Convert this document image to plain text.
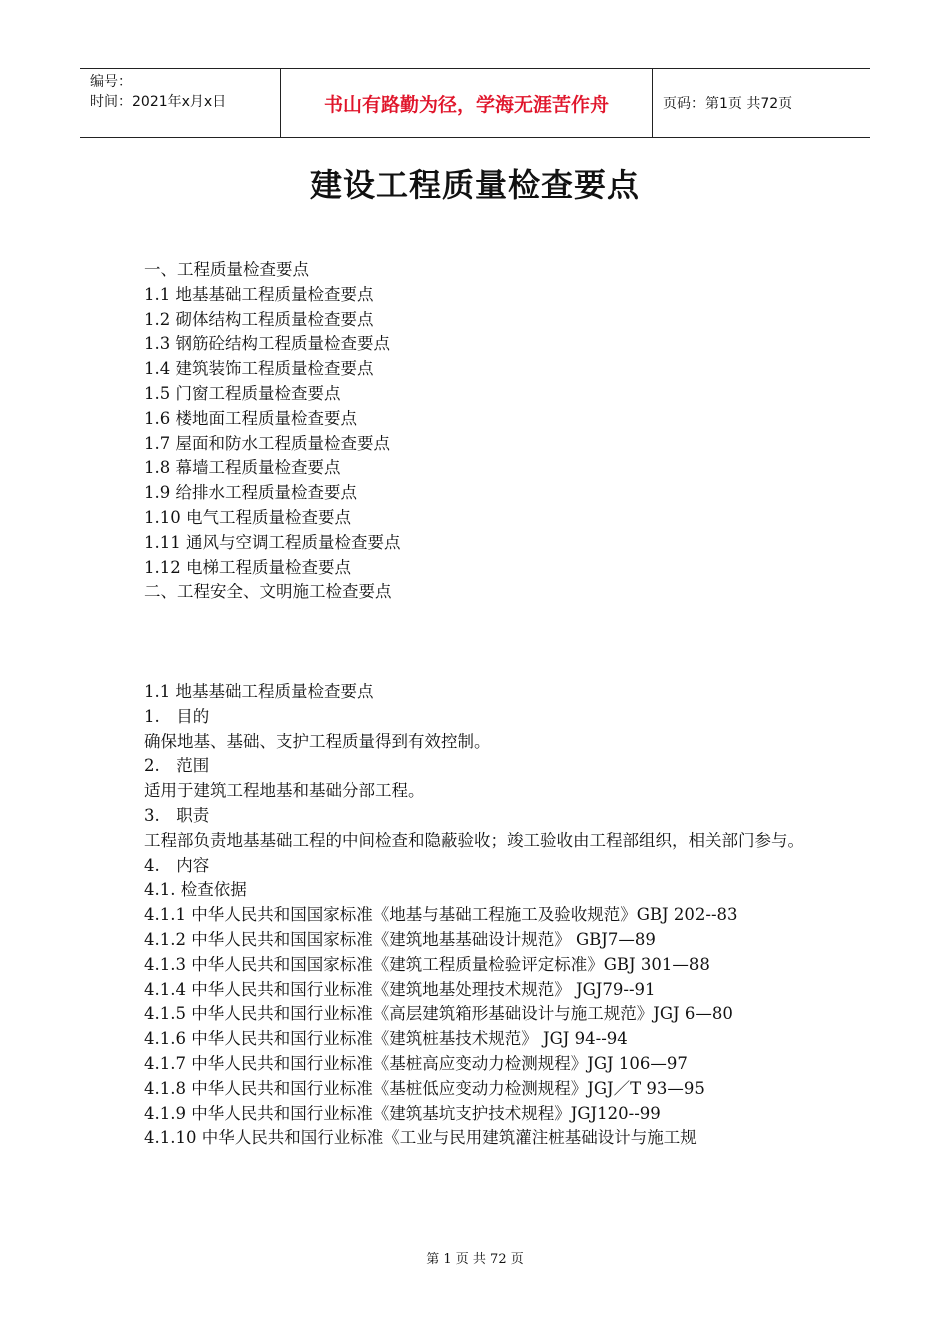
编号：
时间：2021年x月x日	书山有路勤为径，学海无涯苦作舟	页码：第1页 共72页
建设工程质量检查要点

一、工程质量检查要点

1.1 地基基础工程质量检查要点

1.2 砌体结构工程质量检查要点

1.3 钢筋砼结构工程质量检查要点

1.4 建筑装饰工程质量检查要点

1.5 门窗工程质量检查要点

1.6 楼地面工程质量检查要点

1.7 屋面和防水工程质量检查要点

1.8 幕墙工程质量检查要点

1.9 给排水工程质量检查要点

1.10 电气工程质量检查要点

1.11 通风与空调工程质量检查要点

1.12 电梯工程质量检查要点

二、工程安全、文明施工检查要点

1.1 地基基础工程质量检查要点

1.　目的

确保地基、基础、支护工程质量得到有效控制。

2.　范围

适用于建筑工程地基和基础分部工程。

3.　职责

工程部负责地基基础工程的中间检查和隐蔽验收；竣工验收由工程部组织，相关部门参与。

4.　内容

4.1. 检查依据

4.1.1 中华人民共和国国家标准《地基与基础工程施工及验收规范》GBJ 202--83

4.1.2 中华人民共和国国家标准《建筑地基基础设计规范》 GBJ7—89

4.1.3 中华人民共和国国家标准《建筑工程质量检验评定标准》GBJ 301—88

4.1.4 中华人民共和国行业标准《建筑地基处理技术规范》 JGJ79--91

4.1.5 中华人民共和国行业标准《高层建筑箱形基础设计与施工规范》JGJ 6—80

4.1.6 中华人民共和国行业标准《建筑桩基技术规范》 JGJ 94--94

4.1.7 中华人民共和国行业标准《基桩高应变动力检测规程》JGJ 106—97

4.1.8 中华人民共和国行业标准《基桩低应变动力检测规程》JGJ／T 93—95

4.1.9 中华人民共和国行业标准《建筑基坑支护技术规程》JGJ120--99

4.1.10 中华人民共和国行业标准《工业与民用建筑灌注桩基础设计与施工规

第 1 页 共 72 页
